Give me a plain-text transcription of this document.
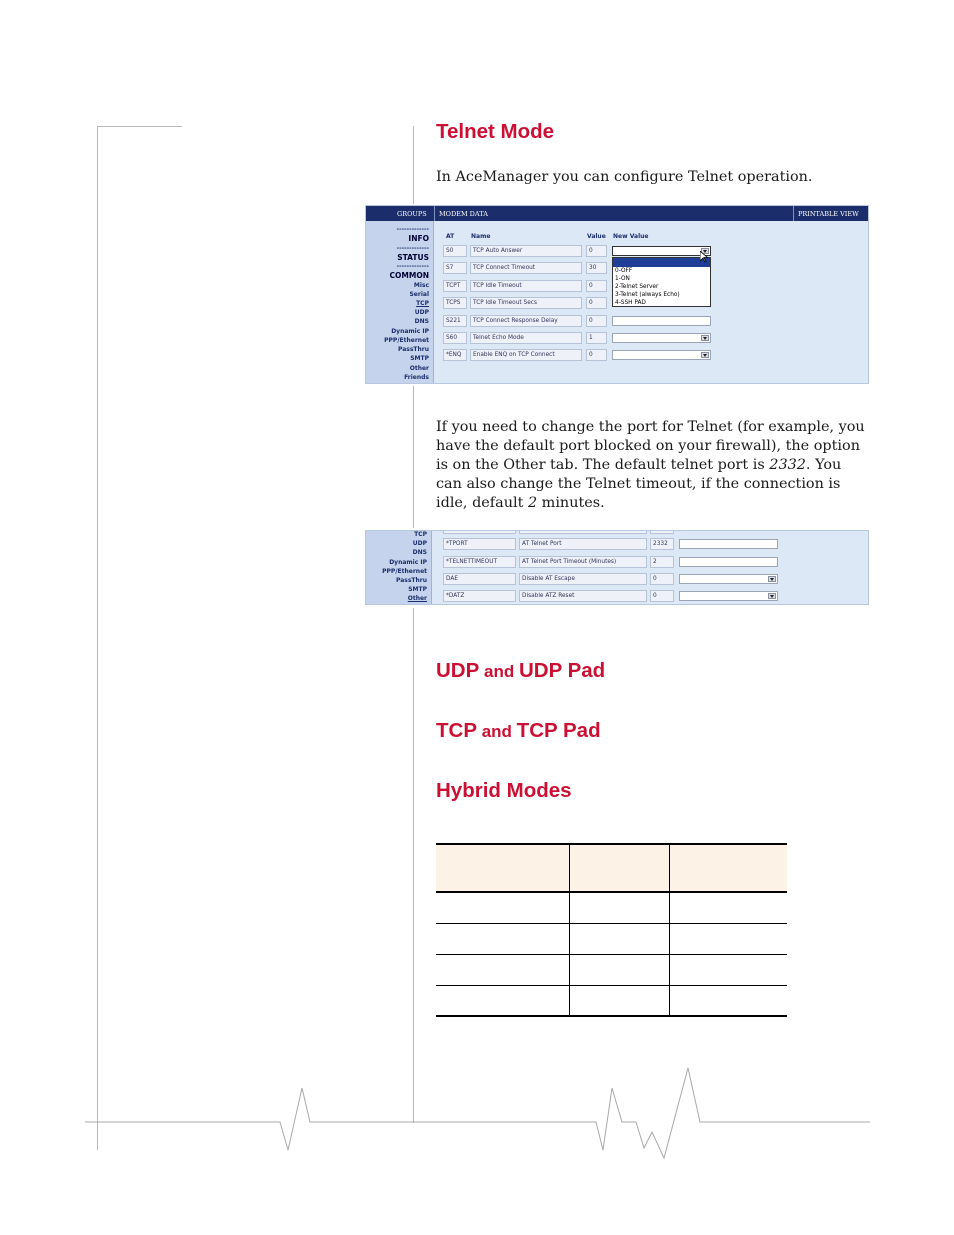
Telnet Mode
UDP and UDP Pad
TCP and TCP Pad
Hybrid Modes

In AceManager you can configure Telnet operation.

GROUPS MODEM DATA	PRINTABLE VIEW
-------------
INFO
-------------
STATUS
-------------
COMMON
Misc
Serial
TCP
UDP
DNS
Dynamic IP
PPP/Ethernet
PassThru
SMTP
Other
Friends
AT	Name	Value New Value
S0	TCP Auto Answer	0
S7	TCP Connect Timeout	30
TCPT	TCP Idle Timeout	0
TCPS	TCP Idle Timeout Secs	0
S221	TCP Connect Response Delay	0
S60	Telnet Echo Mode	1
*ENQ	Enable ENQ on TCP Connect	0
0-OFF
1-ON
2-Telnet Server
3-Telnet (always Echo)
4-SSH PAD

If you need to change the port for Telnet (for example, you have the default port blocked on your firewall), the option is on the Other tab. The default telnet port is 2332. You can also change the Telnet timeout, if the connection is idle, default 2 minutes.

TCP
UDP
DNS
Dynamic IP
PPP/Ethernet
PassThru
SMTP
Other
*TPORT	AT Telnet Port	2332
*TELNETTIMEOUT	AT Telnet Port Timeout (Minutes)	2
DAE	Disable AT Escape	0
*DATZ	Disable ATZ Reset	0
